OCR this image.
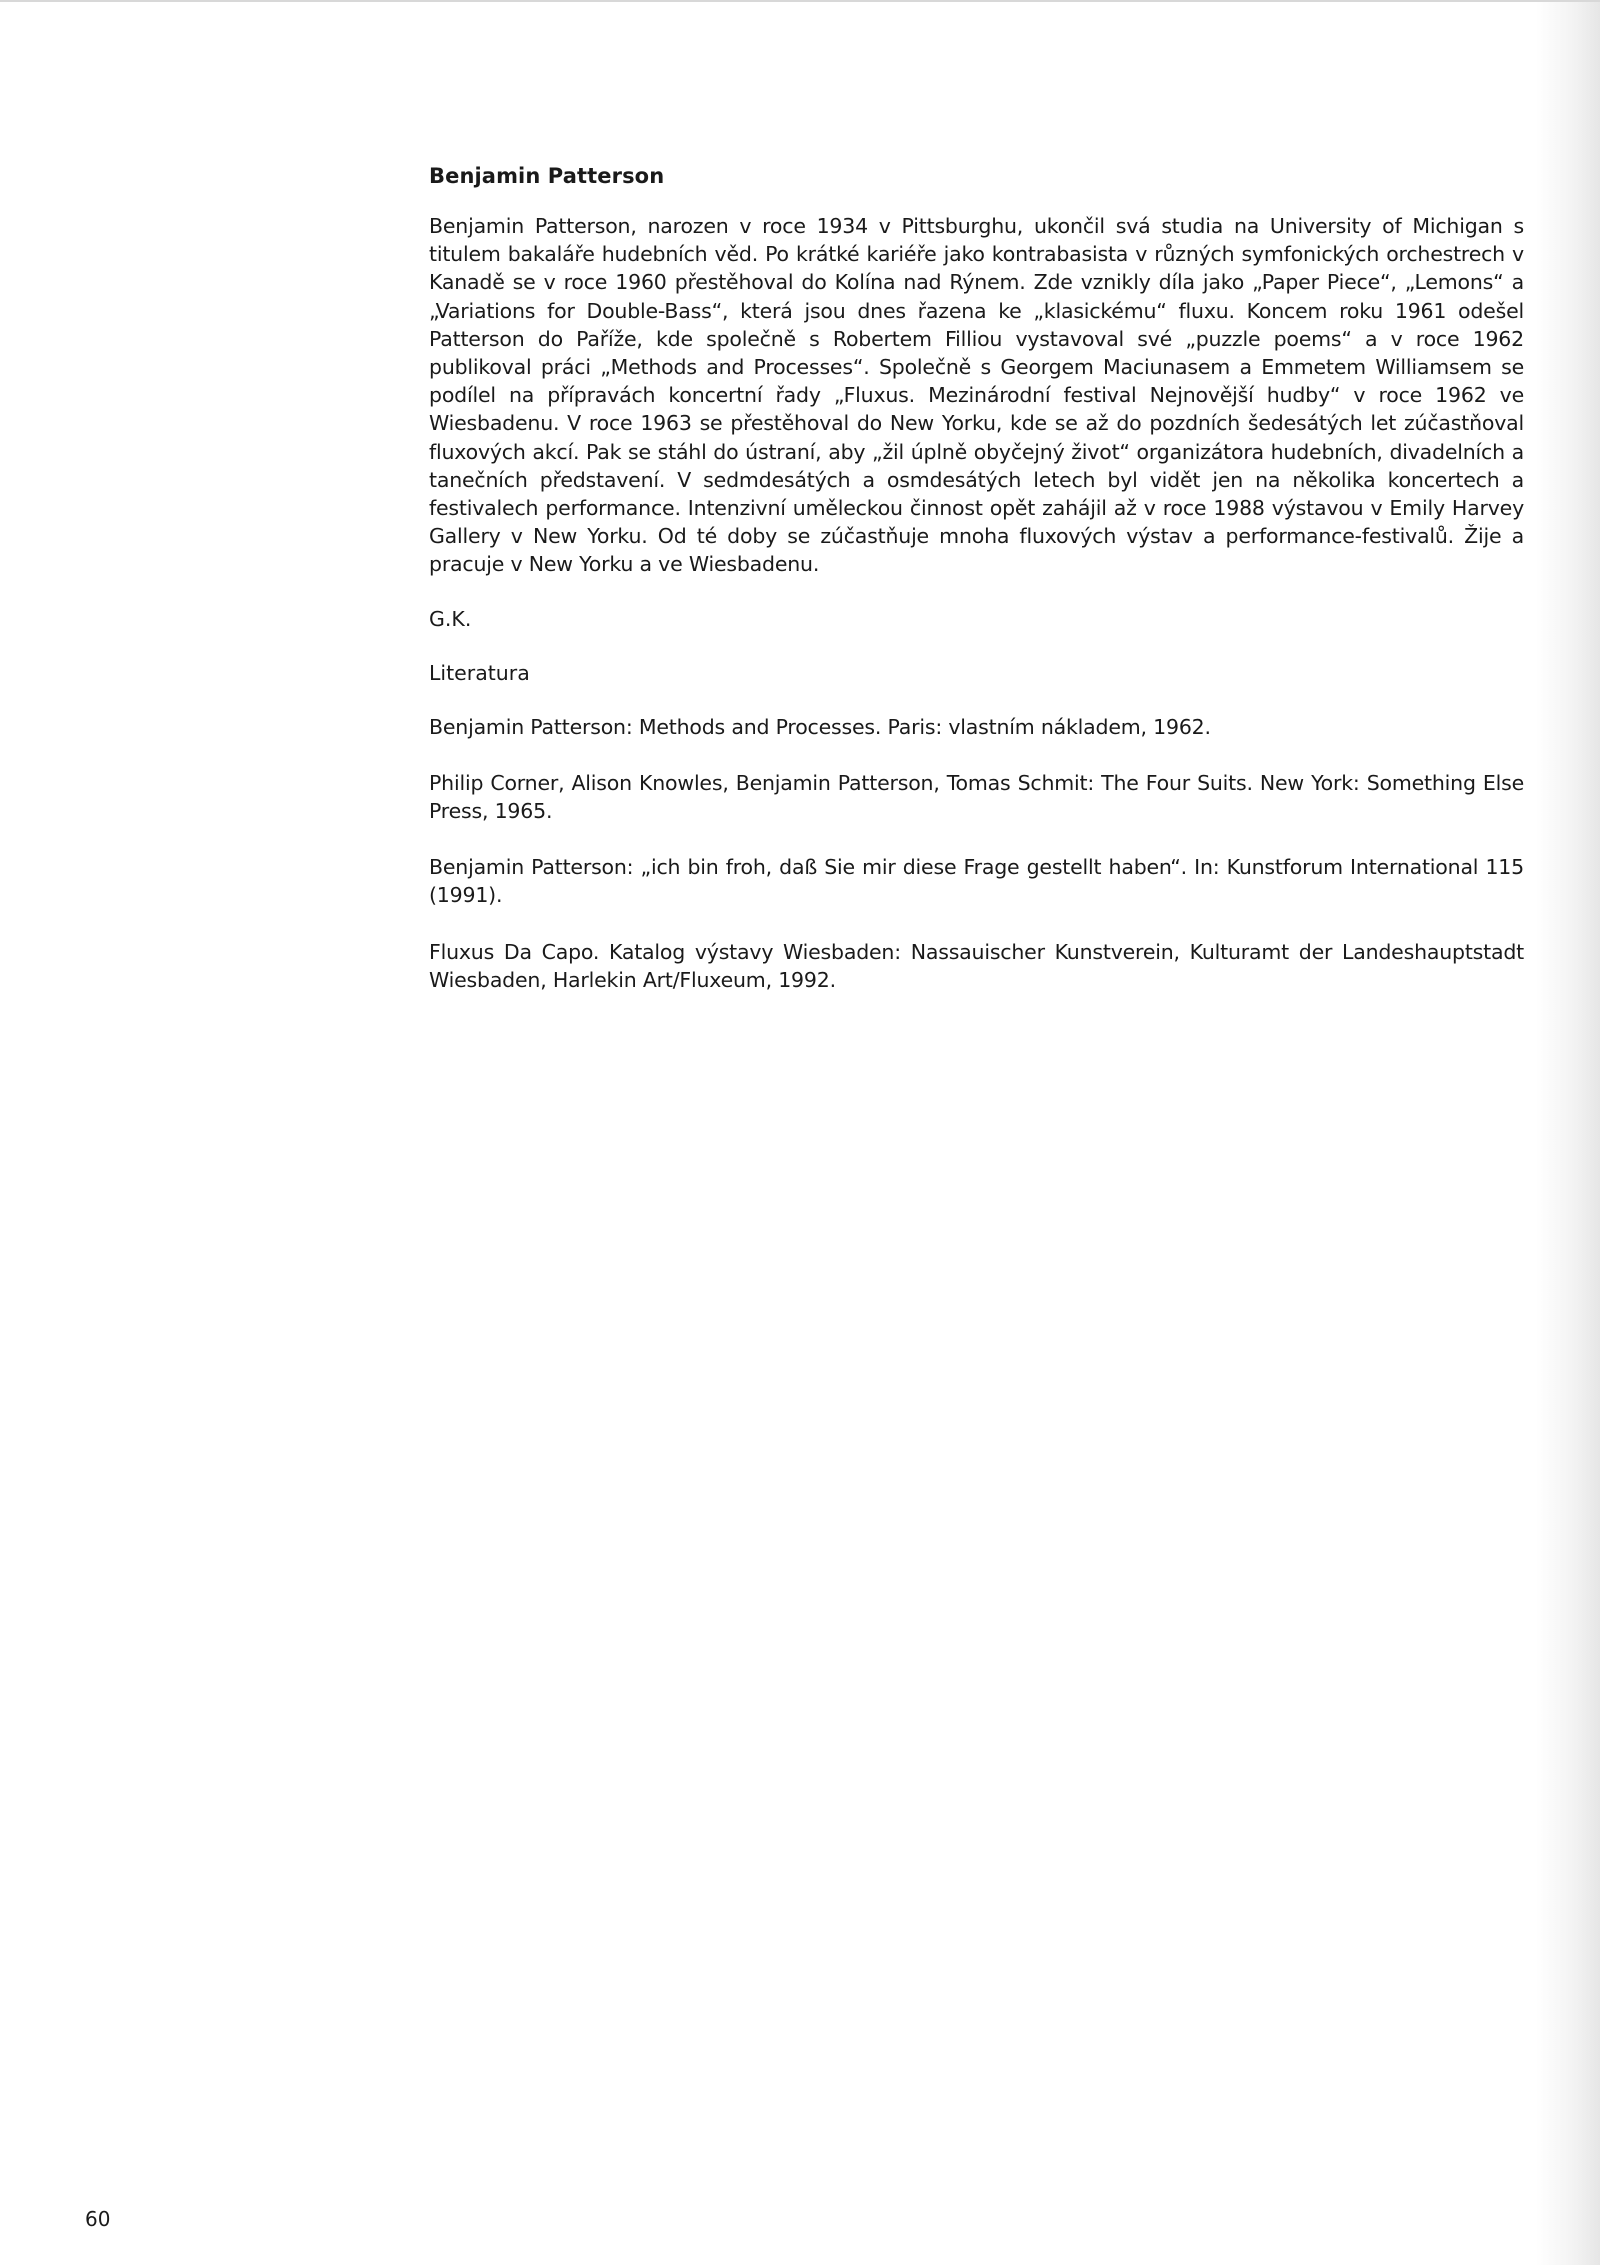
Benjamin Patterson

Benjamin Patterson, narozen v roce 1934 v Pittsburghu, ukončil svá studia na University of Michigan s titulem bakaláře hudebních věd. Po krátké kariéře jako kontrabasista v různých symfonických orchestrech v Kanadě se v roce 1960 přestěhoval do Kolína nad Rýnem. Zde vznikly díla jako „Paper Piece“, „Lemons“ a „Variations for Double-Bass“, která jsou dnes řazena ke „klasickému“ fluxu. Koncem roku 1961 odešel Patterson do Paříže, kde společně s Robertem Filliou vystavoval své „puzzle poems“ a v roce 1962 publikoval práci „Methods and Processes“. Společně s Georgem Maciunasem a Emmetem Williamsem se podílel na přípravách koncertní řady „Fluxus. Mezinárodní festival Nejnovější hudby“ v roce 1962 ve Wiesbadenu. V roce 1963 se přestěhoval do New Yorku, kde se až do pozdních šedesátých let zúčastňoval fluxových akcí. Pak se stáhl do ústraní, aby „žil úplně obyčejný život“ organizátora hudebních, divadelních a tanečních představení. V sedmdesátých a osmdesátých letech byl vidět jen na několika koncertech a festivalech performance. Intenzivní uměleckou činnost opět zahájil až v roce 1988 výstavou v Emily Harvey Gallery v New Yorku. Od té doby se zúčastňuje mnoha fluxových výstav a performance-festivalů. Žije a pracuje v New Yorku a ve Wiesbadenu.

G.K.

Literatura

Benjamin Patterson: Methods and Processes. Paris: vlastním nákladem, 1962.

Philip Corner, Alison Knowles, Benjamin Patterson, Tomas Schmit: The Four Suits. New York: Something Else Press, 1965.

Benjamin Patterson: „ich bin froh, daß Sie mir diese Frage gestellt haben“. In: Kunstforum International 115 (1991).

Fluxus Da Capo. Katalog výstavy Wiesbaden: Nassauischer Kunstverein, Kulturamt der Landeshauptstadt Wiesbaden, Harlekin Art/Fluxeum, 1992.

60
